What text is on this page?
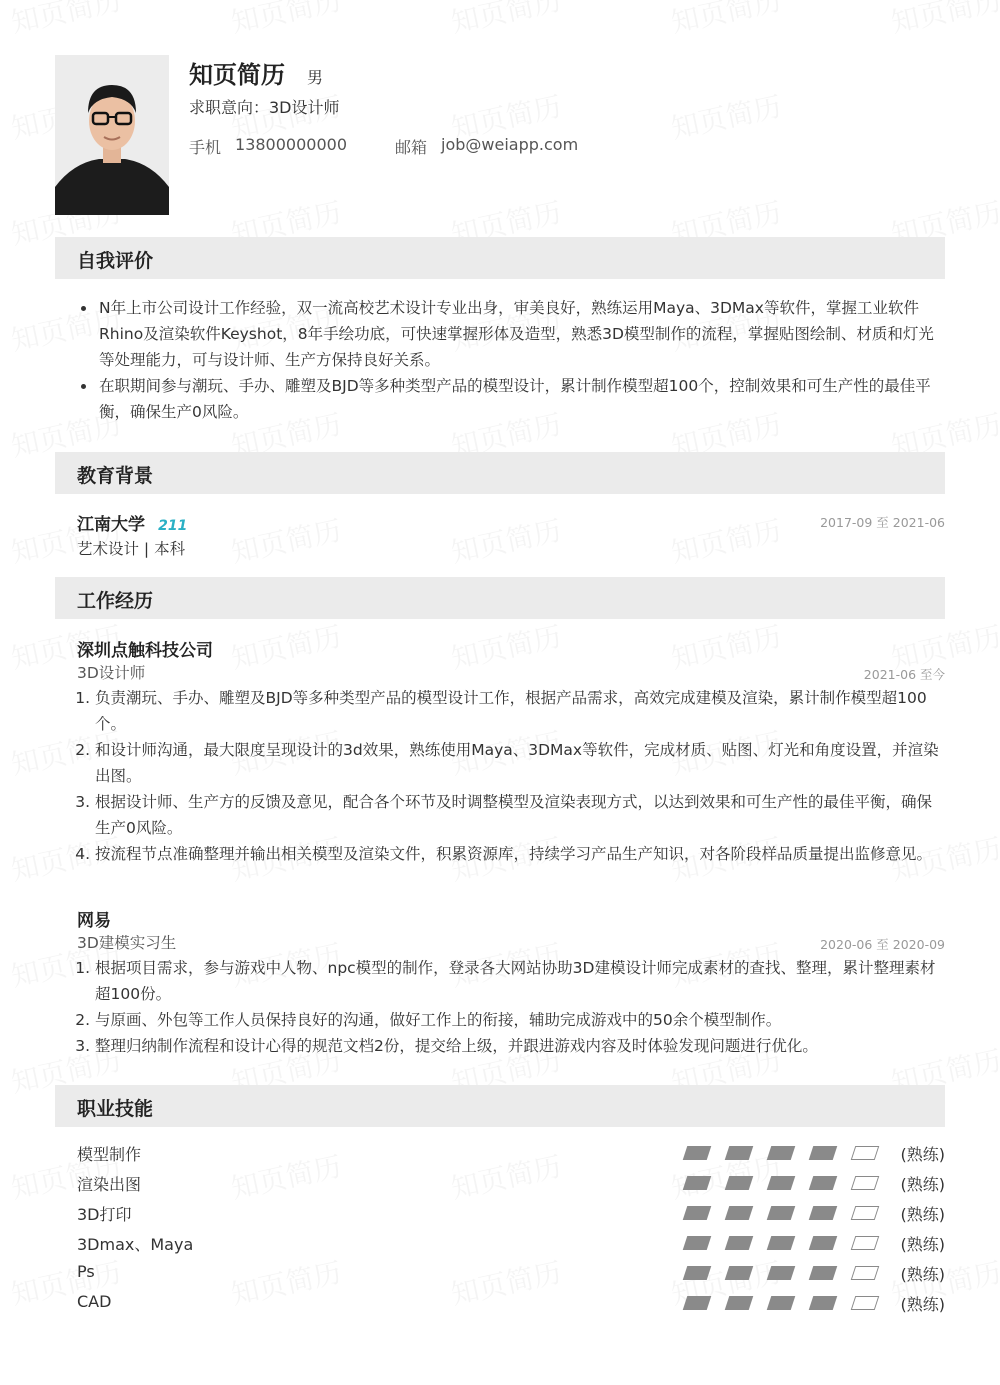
知页简历 男
求职意向：3D设计师
手机 13800000000	邮箱 job@weiapp.com
自我评价
• N年上市公司设计工作经验，双一流高校艺术设计专业出身，审美良好，熟练运用Maya、3DMax等软件，掌握工业软件Rhino及渲染软件Keyshot，8年手绘功底，可快速掌握形体及造型，熟悉3D模型制作的流程，掌握贴图绘制、材质和灯光等处理能力，可与设计师、生产方保持良好关系。
• 在职期间参与潮玩、手办、雕塑及BJD等多种类型产品的模型设计，累计制作模型超100个，控制效果和可生产性的最佳平衡，确保生产0风险。
教育背景
江南大学 211	2017-09 至 2021-06
艺术设计 | 本科
工作经历
深圳点触科技公司
3D设计师	2021-06 至今
1. 负责潮玩、手办、雕塑及BJD等多种类型产品的模型设计工作，根据产品需求，高效完成建模及渲染，累计制作模型超100个。
2. 和设计师沟通，最大限度呈现设计的3d效果，熟练使用Maya、3DMax等软件，完成材质、贴图、灯光和角度设置，并渲染出图。
3. 根据设计师、生产方的反馈及意见，配合各个环节及时调整模型及渲染表现方式，以达到效果和可生产性的最佳平衡，确保生产0风险。
4. 按流程节点准确整理并输出相关模型及渲染文件，积累资源库，持续学习产品生产知识，对各阶段样品质量提出监修意见。
网易
3D建模实习生	2020-06 至 2020-09
1. 根据项目需求，参与游戏中人物、npc模型的制作，登录各大网站协助3D建模设计师完成素材的查找、整理，累计整理素材超100份。
2. 与原画、外包等工作人员保持良好的沟通，做好工作上的衔接，辅助完成游戏中的50余个模型制作。
3. 整理归纳制作流程和设计心得的规范文档2份，提交给上级，并跟进游戏内容及时体验发现问题进行优化。
职业技能
模型制作	(熟练)
渲染出图	(熟练)
3D打印	(熟练)
3Dmax、Maya	(熟练)
Ps	(熟练)
CAD	(熟练)
